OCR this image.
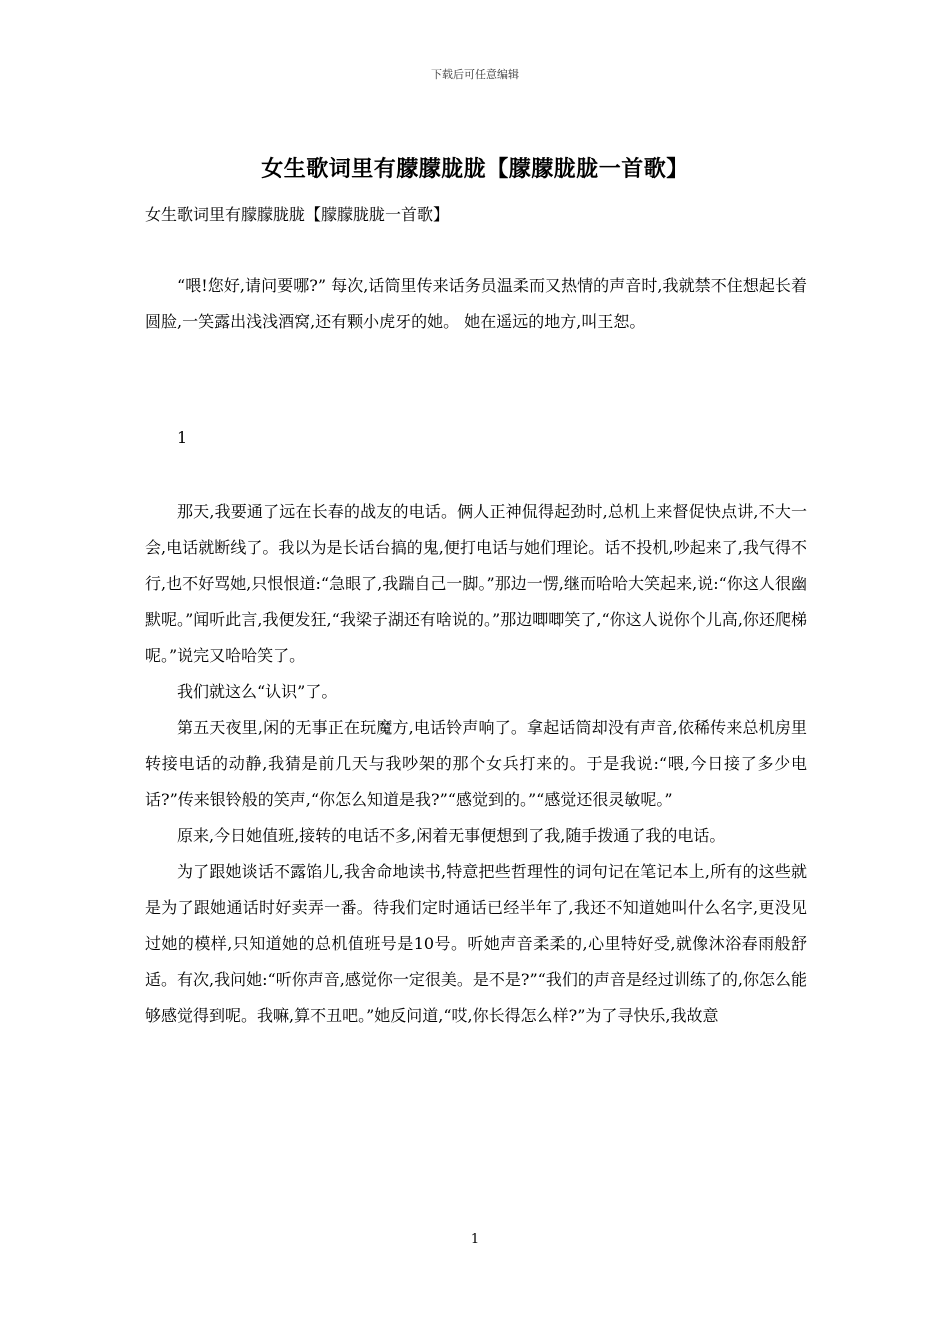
下载后可任意编辑
女生歌词里有朦朦胧胧【朦朦胧胧一首歌】
女生歌词里有朦朦胧胧【朦朦胧胧一首歌】

“喂!您好,请问要哪?” 每次,话筒里传来话务员温柔而又热情的声音时,我就禁不住想起长着圆脸,一笑露出浅浅酒窝,还有颗小虎牙的她。 她在遥远的地方,叫王恕。

1

那天,我要通了远在长春的战友的电话。俩人正神侃得起劲时,总机上来督促快点讲,不大一会,电话就断线了。我以为是长话台搞的鬼,便打电话与她们理论。话不投机,吵起来了,我气得不行,也不好骂她,只恨恨道:“急眼了,我踹自己一脚。”那边一愣,继而哈哈大笑起来,说:“你这人很幽默呢。”闻听此言,我便发狂,“我梁子湖还有啥说的。”那边唧唧笑了,“你这人说你个儿高,你还爬梯呢。”说完又哈哈笑了。

我们就这么“认识”了。

第五天夜里,闲的无事正在玩魔方,电话铃声响了。拿起话筒却没有声音,依稀传来总机房里转接电话的动静,我猜是前几天与我吵架的那个女兵打来的。于是我说:“喂,今日接了多少电话?”传来银铃般的笑声,“你怎么知道是我?”“感觉到的。”“感觉还很灵敏呢。”

原来,今日她值班,接转的电话不多,闲着无事便想到了我,随手拨通了我的电话。

为了跟她谈话不露馅儿,我舍命地读书,特意把些哲理性的词句记在笔记本上,所有的这些就是为了跟她通话时好卖弄一番。待我们定时通话已经半年了,我还不知道她叫什么名字,更没见过她的模样,只知道她的总机值班号是10号。听她声音柔柔的,心里特好受,就像沐浴春雨般舒适。有次,我问她:“听你声音,感觉你一定很美。是不是?”“我们的声音是经过训练了的,你怎么能够感觉得到呢。我嘛,算不丑吧。”她反问道,“哎,你长得怎么样?”为了寻快乐,我故意

1
